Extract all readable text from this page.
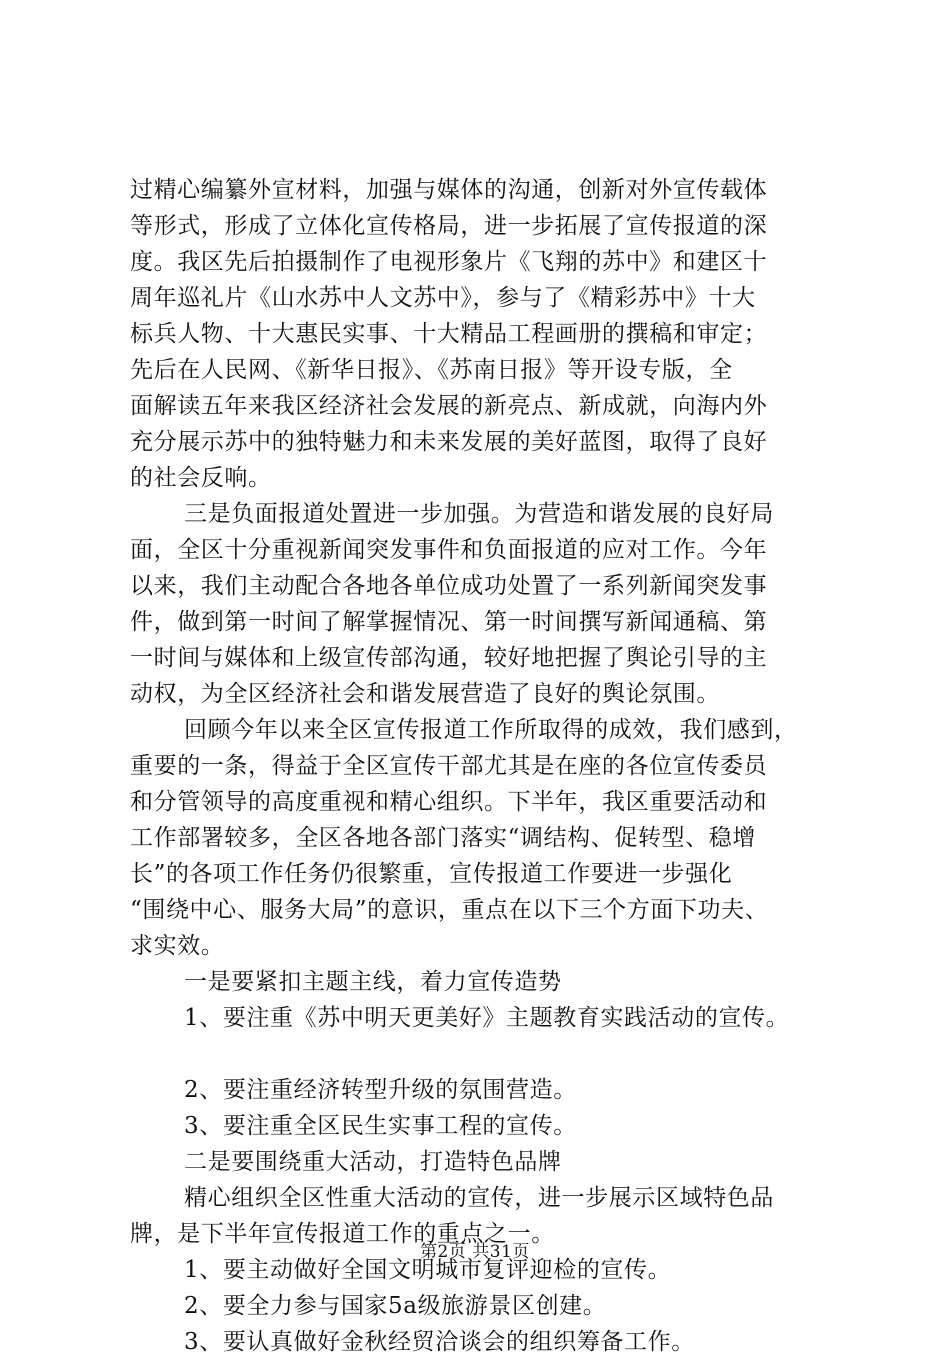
过精心编纂外宣材料，加强与媒体的沟通，创新对外宣传载体
等形式，形成了立体化宣传格局，进一步拓展了宣传报道的深
度。我区先后拍摄制作了电视形象片《飞翔的苏中》和建区十
周年巡礼片《山水苏中人文苏中》，参与了《精彩苏中》十大
标兵人物、十大惠民实事、十大精品工程画册的撰稿和审定；
先后在人民网、《新华日报》、《苏南日报》等开设专版，全
面解读五年来我区经济社会发展的新亮点、新成就，向海内外
充分展示苏中的独特魅力和未来发展的美好蓝图，取得了良好
的社会反响。
三是负面报道处置进一步加强。为营造和谐发展的良好局
面，全区十分重视新闻突发事件和负面报道的应对工作。今年
以来，我们主动配合各地各单位成功处置了一系列新闻突发事
件，做到第一时间了解掌握情况、第一时间撰写新闻通稿、第
一时间与媒体和上级宣传部沟通，较好地把握了舆论引导的主
动权，为全区经济社会和谐发展营造了良好的舆论氛围。
回顾今年以来全区宣传报道工作所取得的成效，我们感到，
重要的一条，得益于全区宣传干部尤其是在座的各位宣传委员
和分管领导的高度重视和精心组织。下半年，我区重要活动和
工作部署较多，全区各地各部门落实“调结构、促转型、稳增
长”的各项工作任务仍很繁重，宣传报道工作要进一步强化
“围绕中心、服务大局”的意识，重点在以下三个方面下功夫、
求实效。
一是要紧扣主题主线，着力宣传造势
1、要注重《苏中明天更美好》主题教育实践活动的宣传。
2、要注重经济转型升级的氛围营造。
3、要注重全区民生实事工程的宣传。
二是要围绕重大活动，打造特色品牌
精心组织全区性重大活动的宣传，进一步展示区域特色品
牌，是下半年宣传报道工作的重点之一。
1、要主动做好全国文明城市复评迎检的宣传。
2、要全力参与国家5a级旅游景区创建。
3、要认真做好金秋经贸洽谈会的组织筹备工作。
第2页 共31页
